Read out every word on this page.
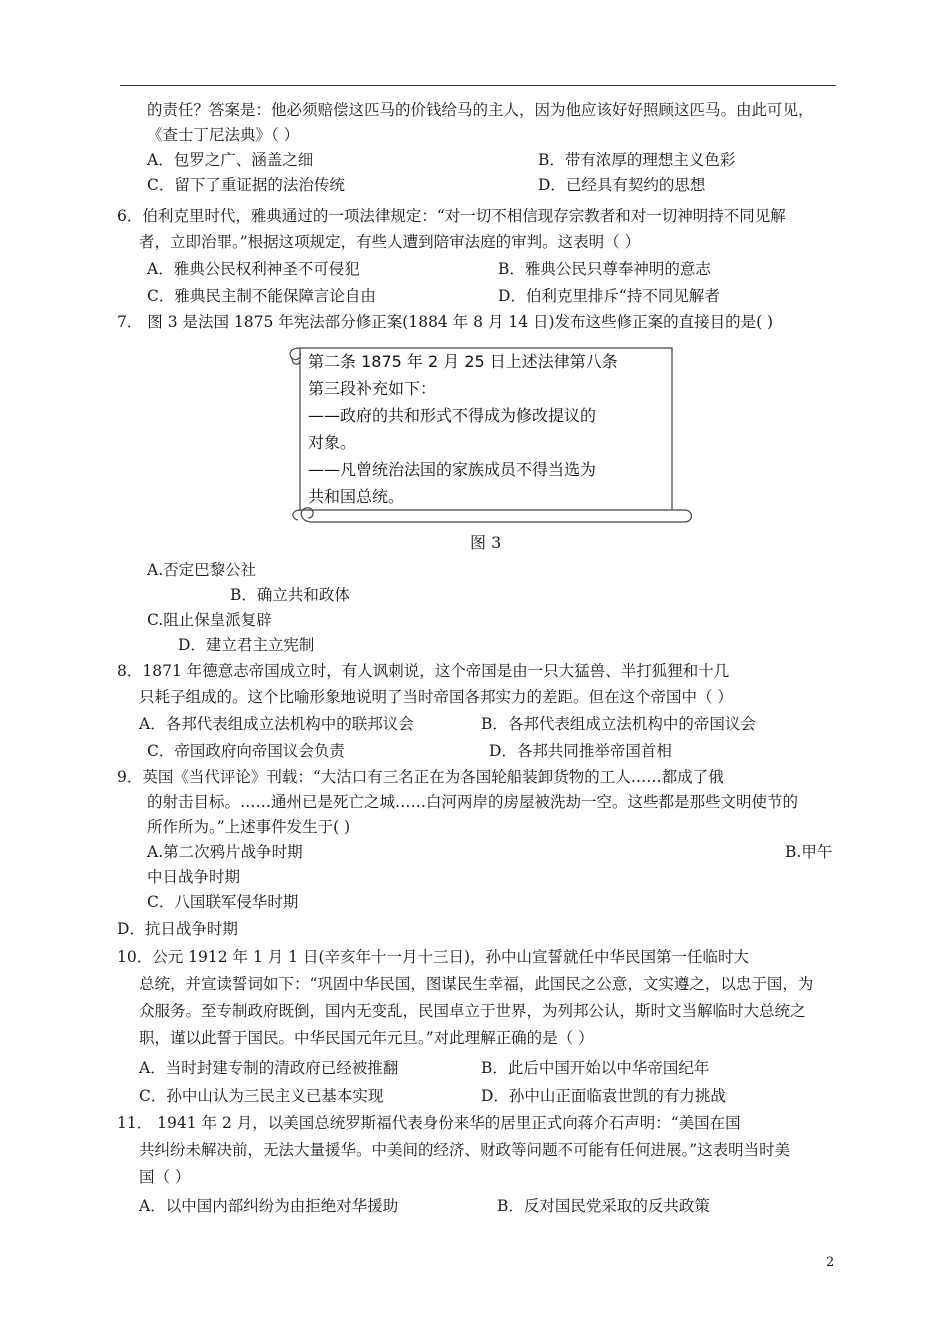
的责任？答案是：他必须赔偿这匹马的价钱给马的主人，因为他应该好好照顾这匹马。由此可见，
《查士丁尼法典》（ ）
A．包罗之广、涵盖之细	B．带有浓厚的理想主义色彩
C．留下了重证据的法治传统	D．已经具有契约的思想
6．伯利克里时代，雅典通过的一项法律规定：“对一切不相信现存宗教者和对一切神明持不同见解
者，立即治罪。”根据这项规定，有些人遭到陪审法庭的审判。这表明（ ）
A．雅典公民权利神圣不可侵犯	B．雅典公民只尊奉神明的意志
C．雅典民主制不能保障言论自由	D．伯利克里排斥“持不同见解者
7． 图 3 是法国 1875 年宪法部分修正案(1884 年 8 月 14 日)发布这些修正案的直接目的是( )
第二条 1875 年 2 月 25 日上述法律第八条
第三段补充如下：
——政府的共和形式不得成为修改提议的
对象。
——凡曾统治法国的家族成员不得当选为
共和国总统。
图 3
A.否定巴黎公社
B．确立共和政体
C.阻止保皇派复辟
D．建立君主立宪制
8．1871 年德意志帝国成立时，有人讽刺说，这个帝国是由一只大猛兽、半打狐狸和十几
只耗子组成的。这个比喻形象地说明了当时帝国各邦实力的差距。但在这个帝国中（ ）
A．各邦代表组成立法机构中的联邦议会	B．各邦代表组成立法机构中的帝国议会
C．帝国政府向帝国议会负责	D．各邦共同推举帝国首相
9．英国《当代评论》刊载：“大沽口有三名正在为各国轮船装卸货物的工人……都成了俄
的射击目标。……通州已是死亡之城……白河两岸的房屋被洗劫一空。这些都是那些文明使节的
所作所为。”上述事件发生于( )
A.第二次鸦片战争时期	B.甲午
中日战争时期
C．八国联军侵华时期
D．抗日战争时期
10．公元 1912 年 1 月 1 日(辛亥年十一月十三日)，孙中山宣誓就任中华民国第一任临时大
总统，并宣读誓词如下：“巩固中华民国，图谋民生幸福，此国民之公意，文实遵之，以忠于国，为
众服务。至专制政府既倒，国内无变乱，民国卓立于世界，为列邦公认，斯时文当解临时大总统之
职，谨以此誓于国民。中华民国元年元旦。”对此理解正确的是（ ）
A．当时封建专制的清政府已经被推翻	B．此后中国开始以中华帝国纪年
C．孙中山认为三民主义已基本实现	D．孙中山正面临袁世凯的有力挑战
11． 1941 年 2 月，以美国总统罗斯福代表身份来华的居里正式向蒋介石声明：“美国在国
共纠纷未解决前，无法大量援华。中美间的经济、财政等问题不可能有任何进展。”这表明当时美
国（ ）
A．以中国内部纠纷为由拒绝对华援助	B．反对国民党采取的反共政策
2
